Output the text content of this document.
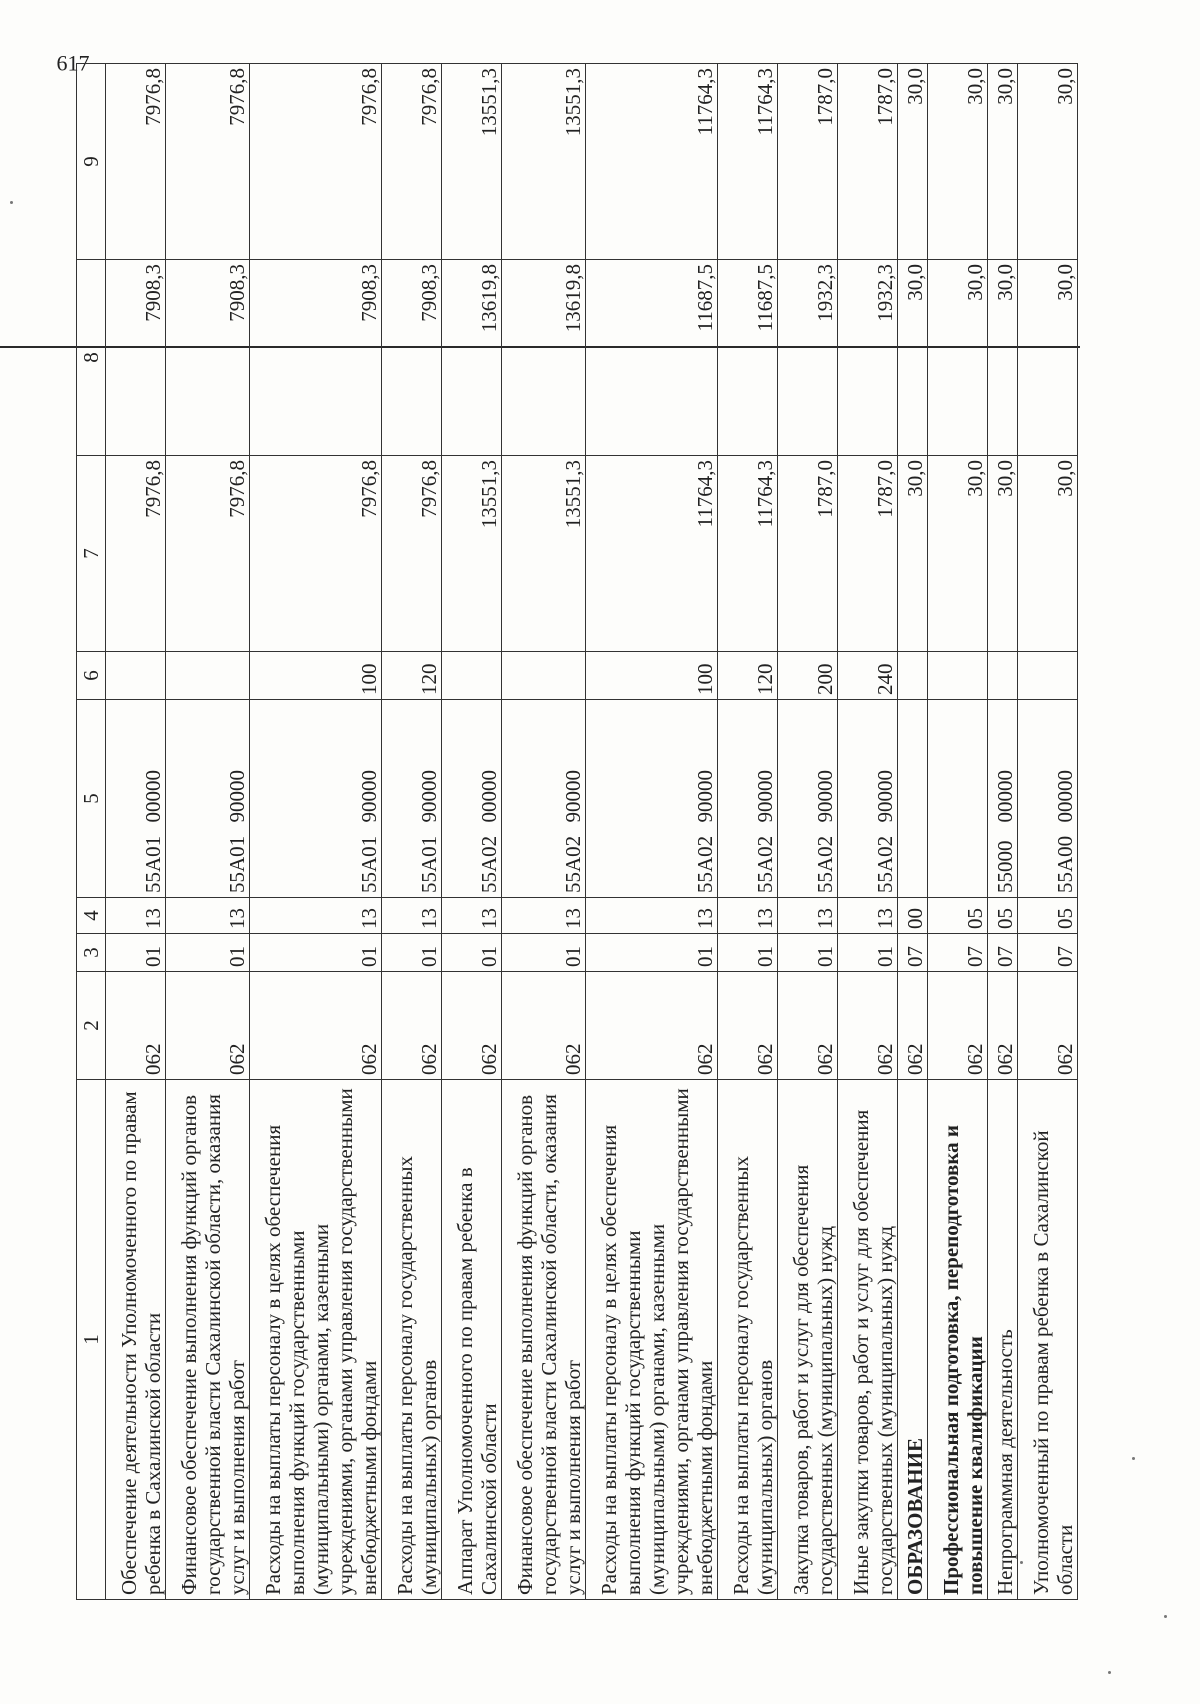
617
1	2	3	4	5	6	7	8	9
Обеспечение деятельности Уполномоченного по правам ребенка в Сахалинской области	062	01	13	55А01  00000		7976,8	7908,3	7976,8
Финансовое обеспечение выполнения функций органов государственной власти Сахалинской области, оказания услуг и выполнения работ	062	01	13	55А01  90000		7976,8	7908,3	7976,8
Расходы на выплаты персоналу в целях обеспечения выполнения функций государственными (муниципальными) органами, казенными учреждениями, органами управления государственными внебюджетными фондами	062	01	13	55А01  90000	100	7976,8	7908,3	7976,8
Расходы на выплаты персоналу государственных (муниципальных) органов	062	01	13	55А01  90000	120	7976,8	7908,3	7976,8
Аппарат Уполномоченного по правам ребенка в Сахалинской области	062	01	13	55А02  00000		13551,3	13619,8	13551,3
Финансовое обеспечение выполнения функций органов государственной власти Сахалинской области, оказания услуг и выполнения работ	062	01	13	55А02  90000		13551,3	13619,8	13551,3
Расходы на выплаты персоналу в целях обеспечения выполнения функций государственными (муниципальными) органами, казенными учреждениями, органами управления государственными внебюджетными фондами	062	01	13	55А02  90000	100	11764,3	11687,5	11764,3
Расходы на выплаты персоналу государственных (муниципальных) органов	062	01	13	55А02  90000	120	11764,3	11687,5	11764,3
Закупка товаров, работ и услуг для обеспечения государственных (муниципальных) нужд	062	01	13	55А02  90000	200	1787,0	1932,3	1787,0
Иные закупки товаров, работ и услуг для обеспечения государственных (муниципальных) нужд	062	01	13	55А02  90000	240	1787,0	1932,3	1787,0
ОБРАЗОВАНИЕ	062	07	00			30,0	30,0	30,0
Профессиональная подготовка, переподготовка и повышение квалификации	062	07	05			30,0	30,0	30,0
Непрограммная деятельность	062	07	05	55000  00000		30,0	30,0	30,0
Уполномоченный по правам ребенка в Сахалинской области	062	07	05	55А00  00000		30,0	30,0	30,0
